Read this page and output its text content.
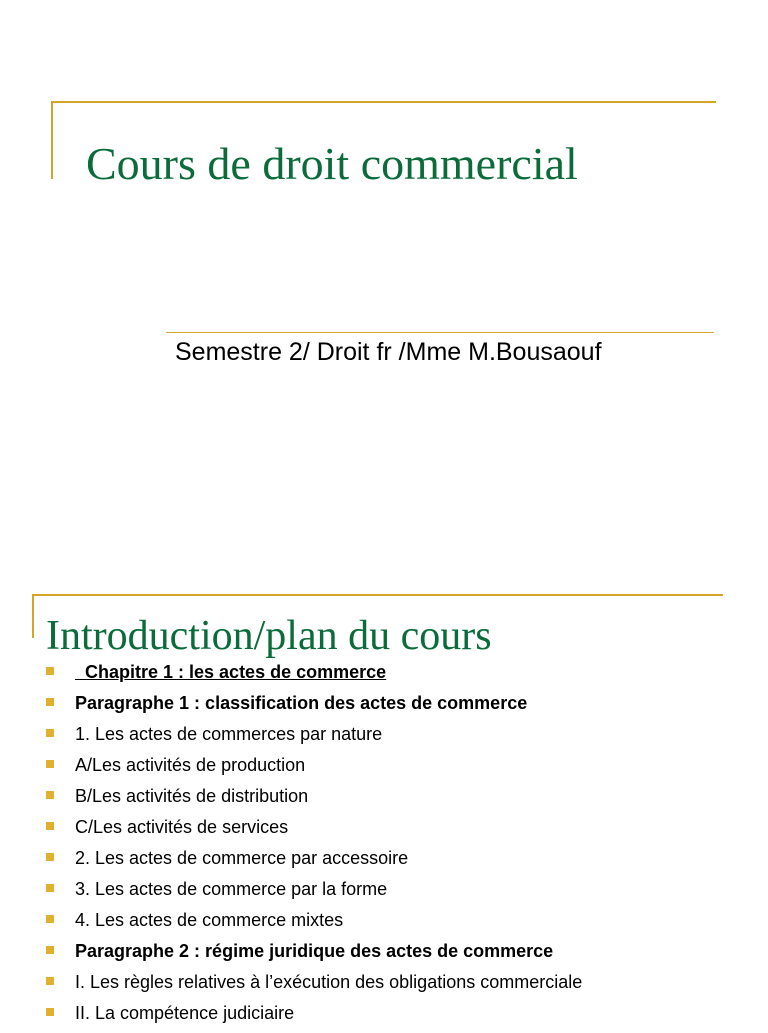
Cours de droit commercial
Semestre 2/ Droit fr /Mme M.Bousaouf
Introduction/plan du cours
Chapitre 1 : les actes de commerce
Paragraphe 1 : classification des actes de commerce
1. Les actes de commerces par nature
A/Les activités de production
B/Les activités de distribution
C/Les activités de services
2. Les actes de commerce par accessoire
3. Les actes de commerce par la forme
4. Les actes de commerce mixtes
Paragraphe 2 : régime juridique des actes de commerce
I. Les règles relatives à l’exécution des obligations commerciale
II. La compétence judiciaire
